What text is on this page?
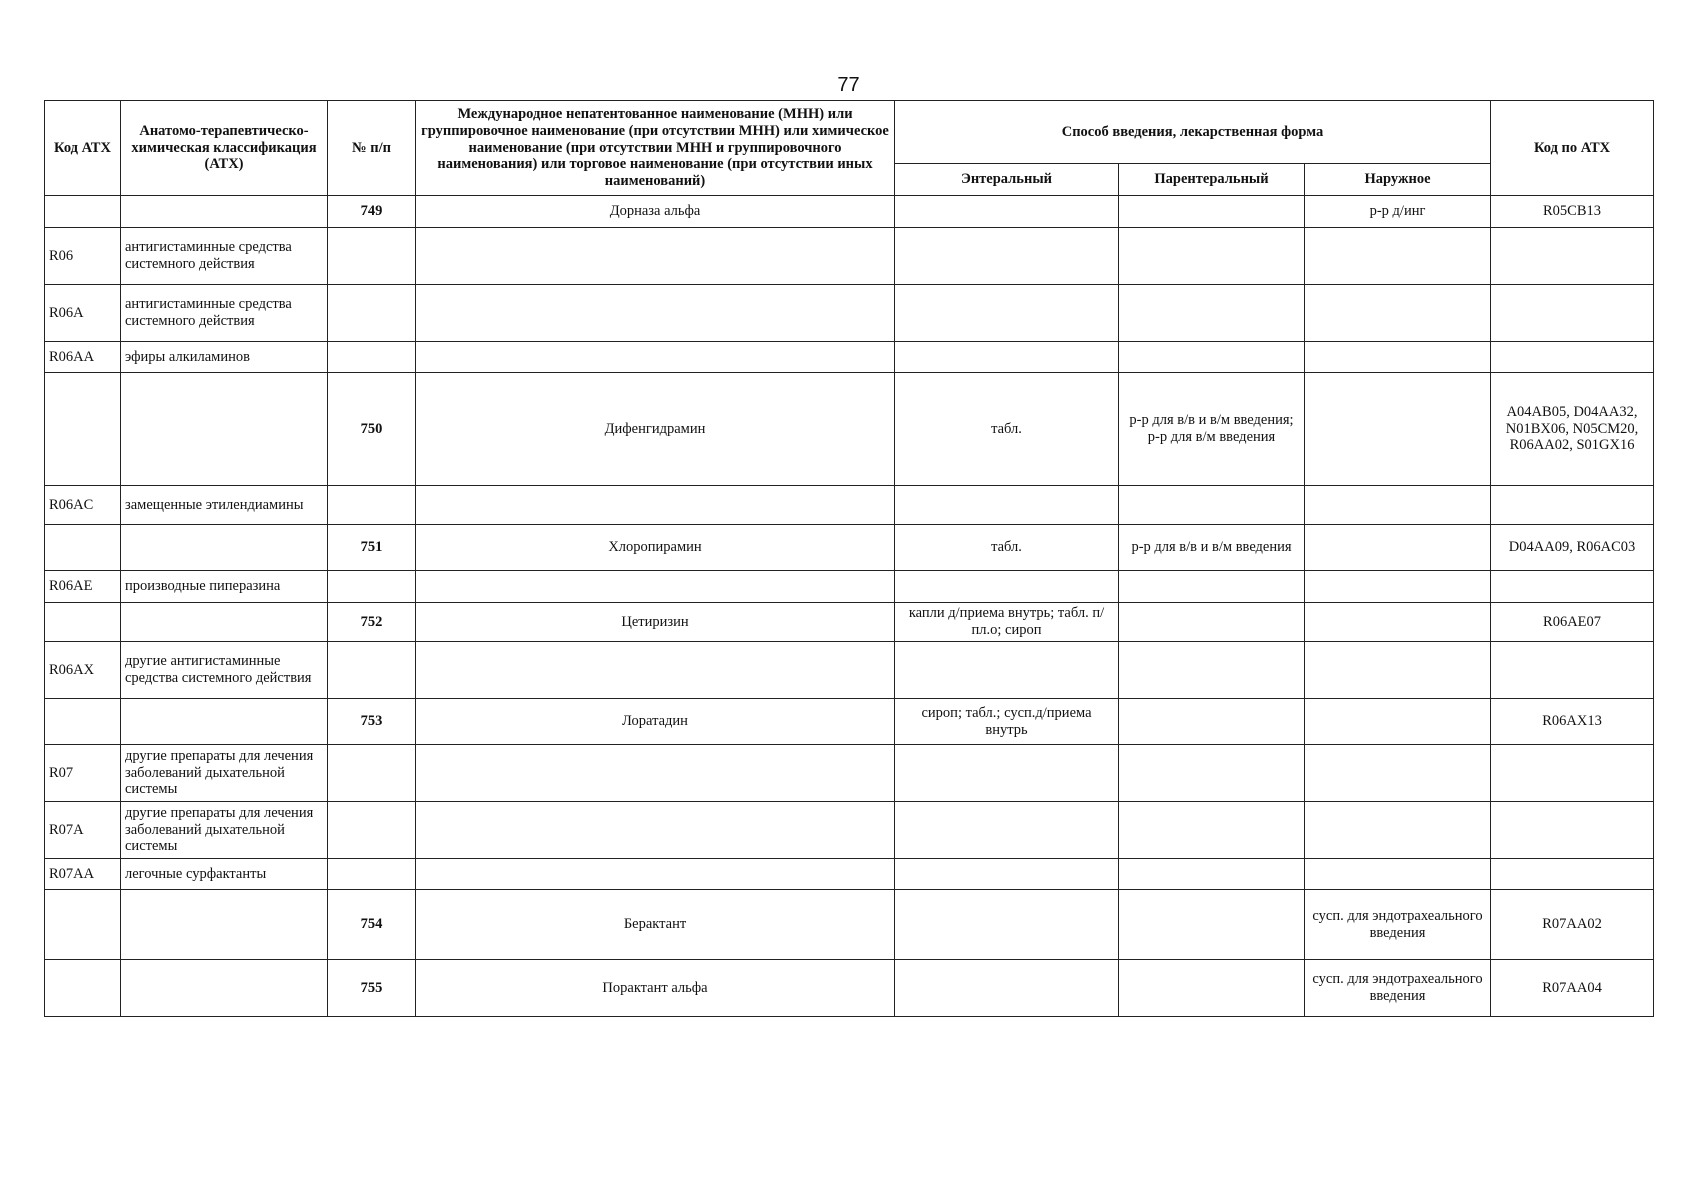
77
Код АТХ	Анатомо-терапевтическо-химическая классификация (АТХ)	№ п/п	Международное непатентованное наименование (МНН) или группировочное наименование (при отсутствии МНН) или химическое наименование (при отсутствии МНН и группировочного наименования) или торговое наименование (при отсутствии иных наименований)	Способ введения, лекарственная форма			Код по АТХ
				Энтеральный	Парентеральный	Наружное	
		749	Дорназа альфа			р-р д/инг	R05CB13
R06	антигистаминные средства системного действия						
R06A	антигистаминные средства системного действия						
R06AA	эфиры алкиламинов						
		750	Дифенгидрамин	табл.	р-р для в/в и в/м введения; р-р для в/м введения		A04AB05, D04AA32, N01BX06, N05CM20, R06AA02, S01GX16
R06AC	замещенные этилендиамины						
		751	Хлоропирамин	табл.	р-р для в/в и в/м введения		D04AA09, R06AC03
R06AE	производные пиперазина						
		752	Цетиризин	капли д/приема внутрь; табл. п/пл.о; сироп			R06AE07
R06AX	другие антигистаминные средства системного действия						
		753	Лоратадин	сироп; табл.; сусп.д/приема внутрь			R06AX13
R07	другие препараты для лечения заболеваний дыхательной системы						
R07A	другие препараты для лечения заболеваний дыхательной системы						
R07AA	легочные сурфактанты						
		754	Берактант			сусп. для эндотрахеального введения	R07AA02
		755	Порактант альфа			сусп. для эндотрахеального введения	R07AA04
